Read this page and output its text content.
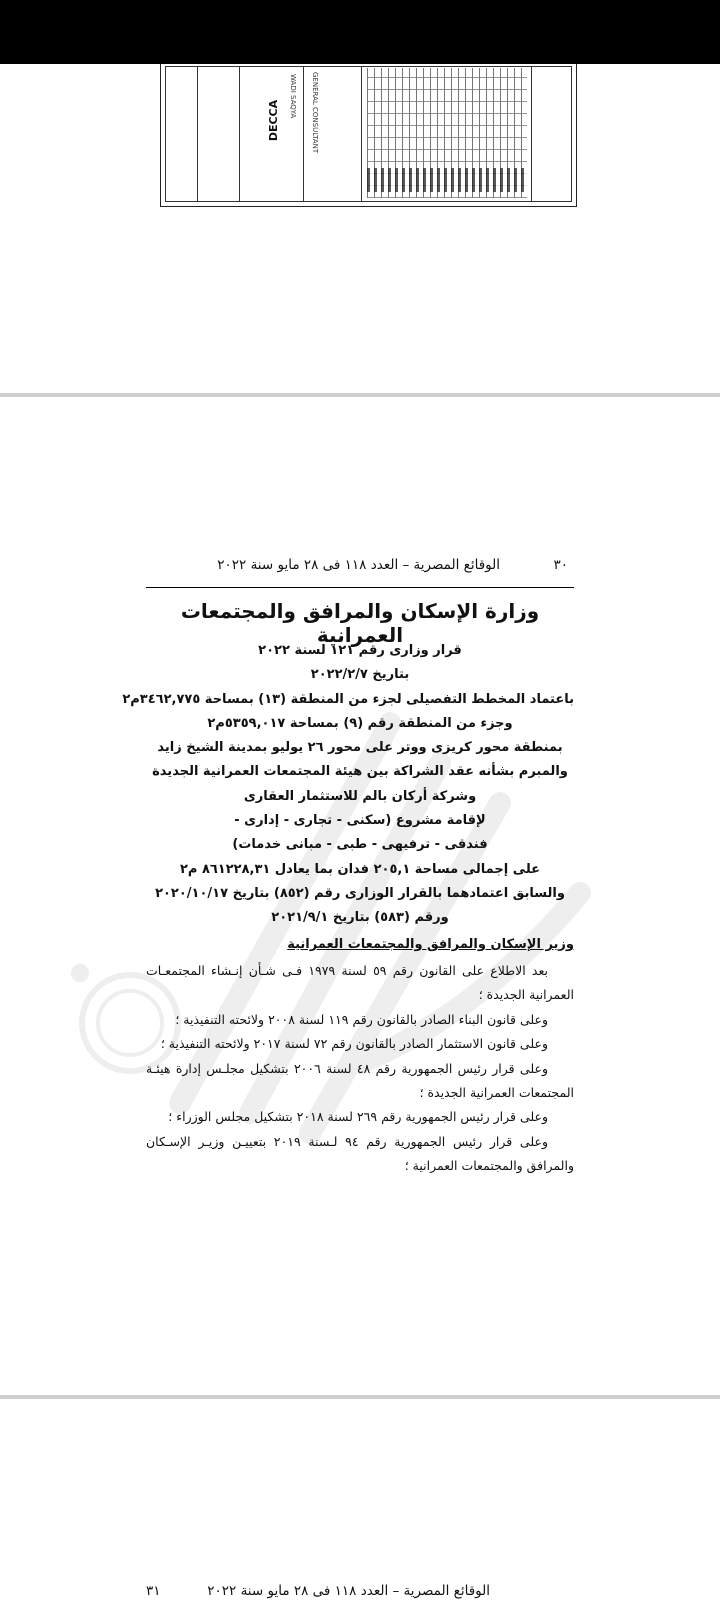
GENERAL CONSULTANT
DECCA
WADI SAQYA
٣٠
الوقائع المصرية – العدد ١١٨ فى ٢٨ مايو سنة ٢٠٢٢
وزارة الإسكان والمرافق والمجتمعات العمرانية
قرار وزارى رقم ١٢١ لسنة ٢٠٢٢
بتاريخ ٢٠٢٢/٢/٧
باعتماد المخطط التفصيلى لجزء من المنطقة (١٣) بمساحة ٣٤٦٢,٧٧٥م٢
وجزء من المنطقة رقم (٩) بمساحة ٥٣٥٩,٠١٧م٢
بمنطقة محور كريزى ووتر على محور ٢٦ يوليو بمدينة الشيخ زايد
والمبرم بشأنه عقد الشراكة بين هيئة المجتمعات العمرانية الجديدة
وشركة أركان بالم للاستثمار العقارى
لإقامة مشروع (سكنى - تجارى - إدارى -
فندقى - ترفيهى - طبى - مبانى خدمات)
على إجمالى مساحة ٢٠٥,١ فدان بما يعادل ٨٦١٢٢٨,٣١ م٢
والسابق اعتمادهما بالقرار الوزارى رقم (٨٥٢) بتاريخ ٢٠٢٠/١٠/١٧
ورقم (٥٨٣) بتاريخ ٢٠٢١/٩/١
وزير الإسكان والمرافق والمجتمعات العمرانية
بعد الاطلاع على القانون رقم ٥٩ لسنة ١٩٧٩ فـى شـأن إنـشاء المجتمعـات
العمرانية الجديدة ؛
وعلى قانون البناء الصادر بالقانون رقم ١١٩ لسنة ٢٠٠٨ ولائحته التنفيذية ؛
وعلى قانون الاستثمار الصادر بالقانون رقم ٧٢ لسنة ٢٠١٧ ولائحته التنفيذية ؛
وعلى قرار رئيس الجمهورية رقم ٤٨ لسنة ٢٠٠٦ بتشكيل مجلـس إدارة هيئـة
المجتمعات العمرانية الجديدة ؛
وعلى قرار رئيس الجمهورية رقم ٢٦٩ لسنة ٢٠١٨ بتشكيل مجلس الوزراء ؛
وعلى قرار رئيس الجمهورية رقم ٩٤ لـسنة ٢٠١٩ بتعييـن وزيـر الإسـكان
والمرافق والمجتمعات العمرانية ؛
الوقائع المصرية – العدد ١١٨ فى ٢٨ مايو سنة ٢٠٢٢
٣١
